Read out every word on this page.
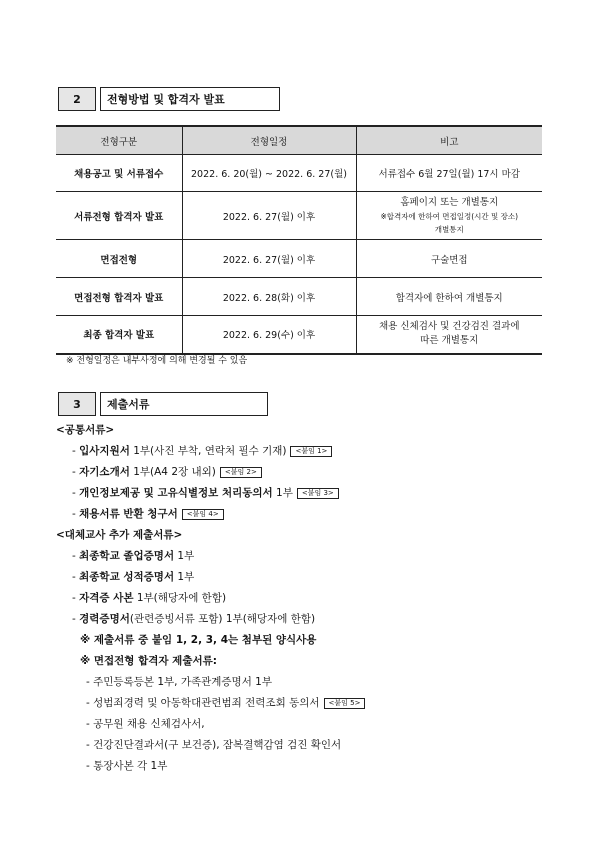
2	전형방법 및 합격자 발표
전형구분	전형일정	비고
채용공고 및 서류접수	2022. 6. 20(월) ~ 2022. 6. 27(월)	서류접수 6월 27일(월) 17시 마감
서류전형 합격자 발표	2022. 6. 27(월) 이후	홈페이지 또는 개별통지
※합격자에 한하여 면접일정(시간 및 장소)
개별통지

면접전형	2022. 6. 27(월) 이후	구술면접
면접전형 합격자 발표	2022. 6. 28(화) 이후	합격자에 한하여 개별통지
최종 합격자 발표	2022. 6. 29(수) 이후	채용 신체검사 및 건강검진 결과에
따른 개별통지
※ 전형일정은 내부사정에 의해 변경될 수 있음
3	제출서류
<공통서류>
- 입사지원서 1부(사진 부착, 연락처 필수 기재) <붙임 1>
- 자기소개서 1부(A4 2장 내외) <붙임 2>
- 개인정보제공 및 고유식별정보 처리동의서 1부 <붙임 3>
- 채용서류 반환 청구서 <붙임 4>
<대체교사 추가 제출서류>
- 최종학교 졸업증명서 1부
- 최종학교 성적증명서 1부
- 자격증 사본 1부(해당자에 한함)
- 경력증명서(관련증빙서류 포함) 1부(해당자에 한함)
※ 제출서류 중 붙임 1, 2, 3, 4는 첨부된 양식사용
※ 면접전형 합격자 제출서류:
- 주민등록등본 1부, 가족관계증명서 1부
- 성범죄경력 및 아동학대관련범죄 전력조회 동의서 <붙임 5>
- 공무원 채용 신체검사서,
- 건강진단결과서(구 보건증), 잠복결핵감염 검진 확인서
- 통장사본 각 1부
